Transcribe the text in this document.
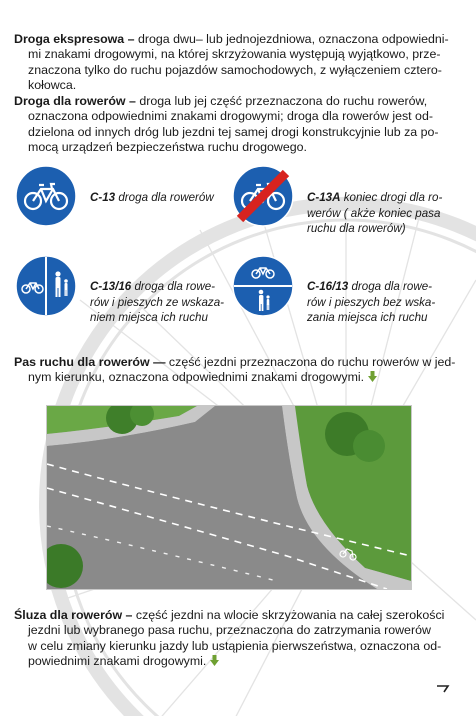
Droga ekspresowa – droga dwu– lub jednojezdniowa, oznaczona odpowiedni-
mi znakami drogowymi, na której skrzyżowania występują wyjątkowo, prze-
znaczona tylko do ruchu pojazdów samochodowych, z wyłączeniem cztero-
kołowca.
Droga dla rowerów – droga lub jej część przeznaczona do ruchu rowerów,
oznaczona odpowiednimi znakami drogowymi; droga dla rowerów jest od-
dzielona od innych dróg lub jezdni tej samej drogi konstrukcyjnie lub za po-
mocą urządzeń bezpieczeństwa ruchu drogowego.
C-13 droga dla rowerów	C-13A koniec drogi dla ro-
werów ( akże koniec pasa
ruchu dla rowerów)
C-13/16 droga dla rowe-
rów i pieszych ze wskaza-
niem miejsca ich ruchu
C-16/13 droga dla rowe-
rów i pieszych bez wska-
zania miejsca ich ruchu
Pas ruchu dla rowerów — część jezdni przeznaczona do ruchu rowerów w jed-
nym kierunku, oznaczona odpowiednimi znakami drogowymi.
Śluza dla rowerów – część jezdni na wlocie skrzyżowania na całej szerokości
jezdni lub wybranego pasa ruchu, przeznaczona do zatrzymania rowerów
w celu zmiany kierunku jazdy lub ustąpienia pierwszeństwa, oznaczona od-
powiednimi znakami drogowymi.
